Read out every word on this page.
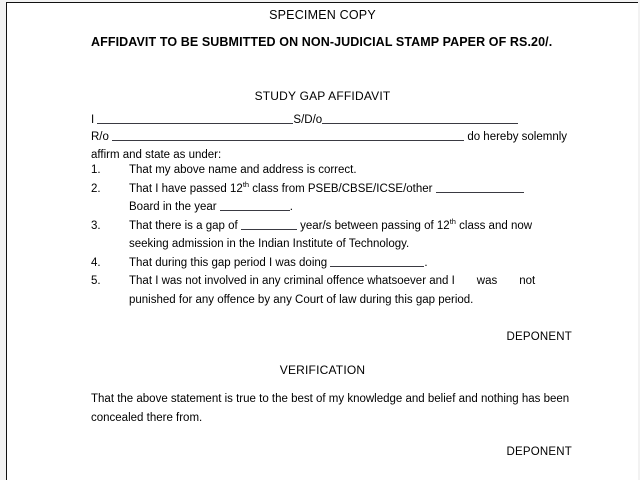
SPECIMEN COPY
AFFIDAVIT TO BE SUBMITTED ON NON-JUDICIAL STAMP PAPER OF RS.20/.
STUDY GAP AFFIDAVIT
I	S/D/o
R/o	do hereby solemnly
affirm and state as under:
1.	That my above name and address is correct.
2.	That I have passed 12th class from PSEB/CBSE/ICSE/other
Board in the year	.
3.	That there is a gap of	year/s between passing of 12th class and now
seeking admission in the Indian Institute of Technology.
4.	That during this gap period I was doing	.
5.	That I was not involved in any criminal offence whatsoever and I was not
punished for any offence by any Court of law during this gap period.
DEPONENT
VERIFICATION
That the above statement is true to the best of my knowledge and belief and nothing has been concealed there from.
DEPONENT
